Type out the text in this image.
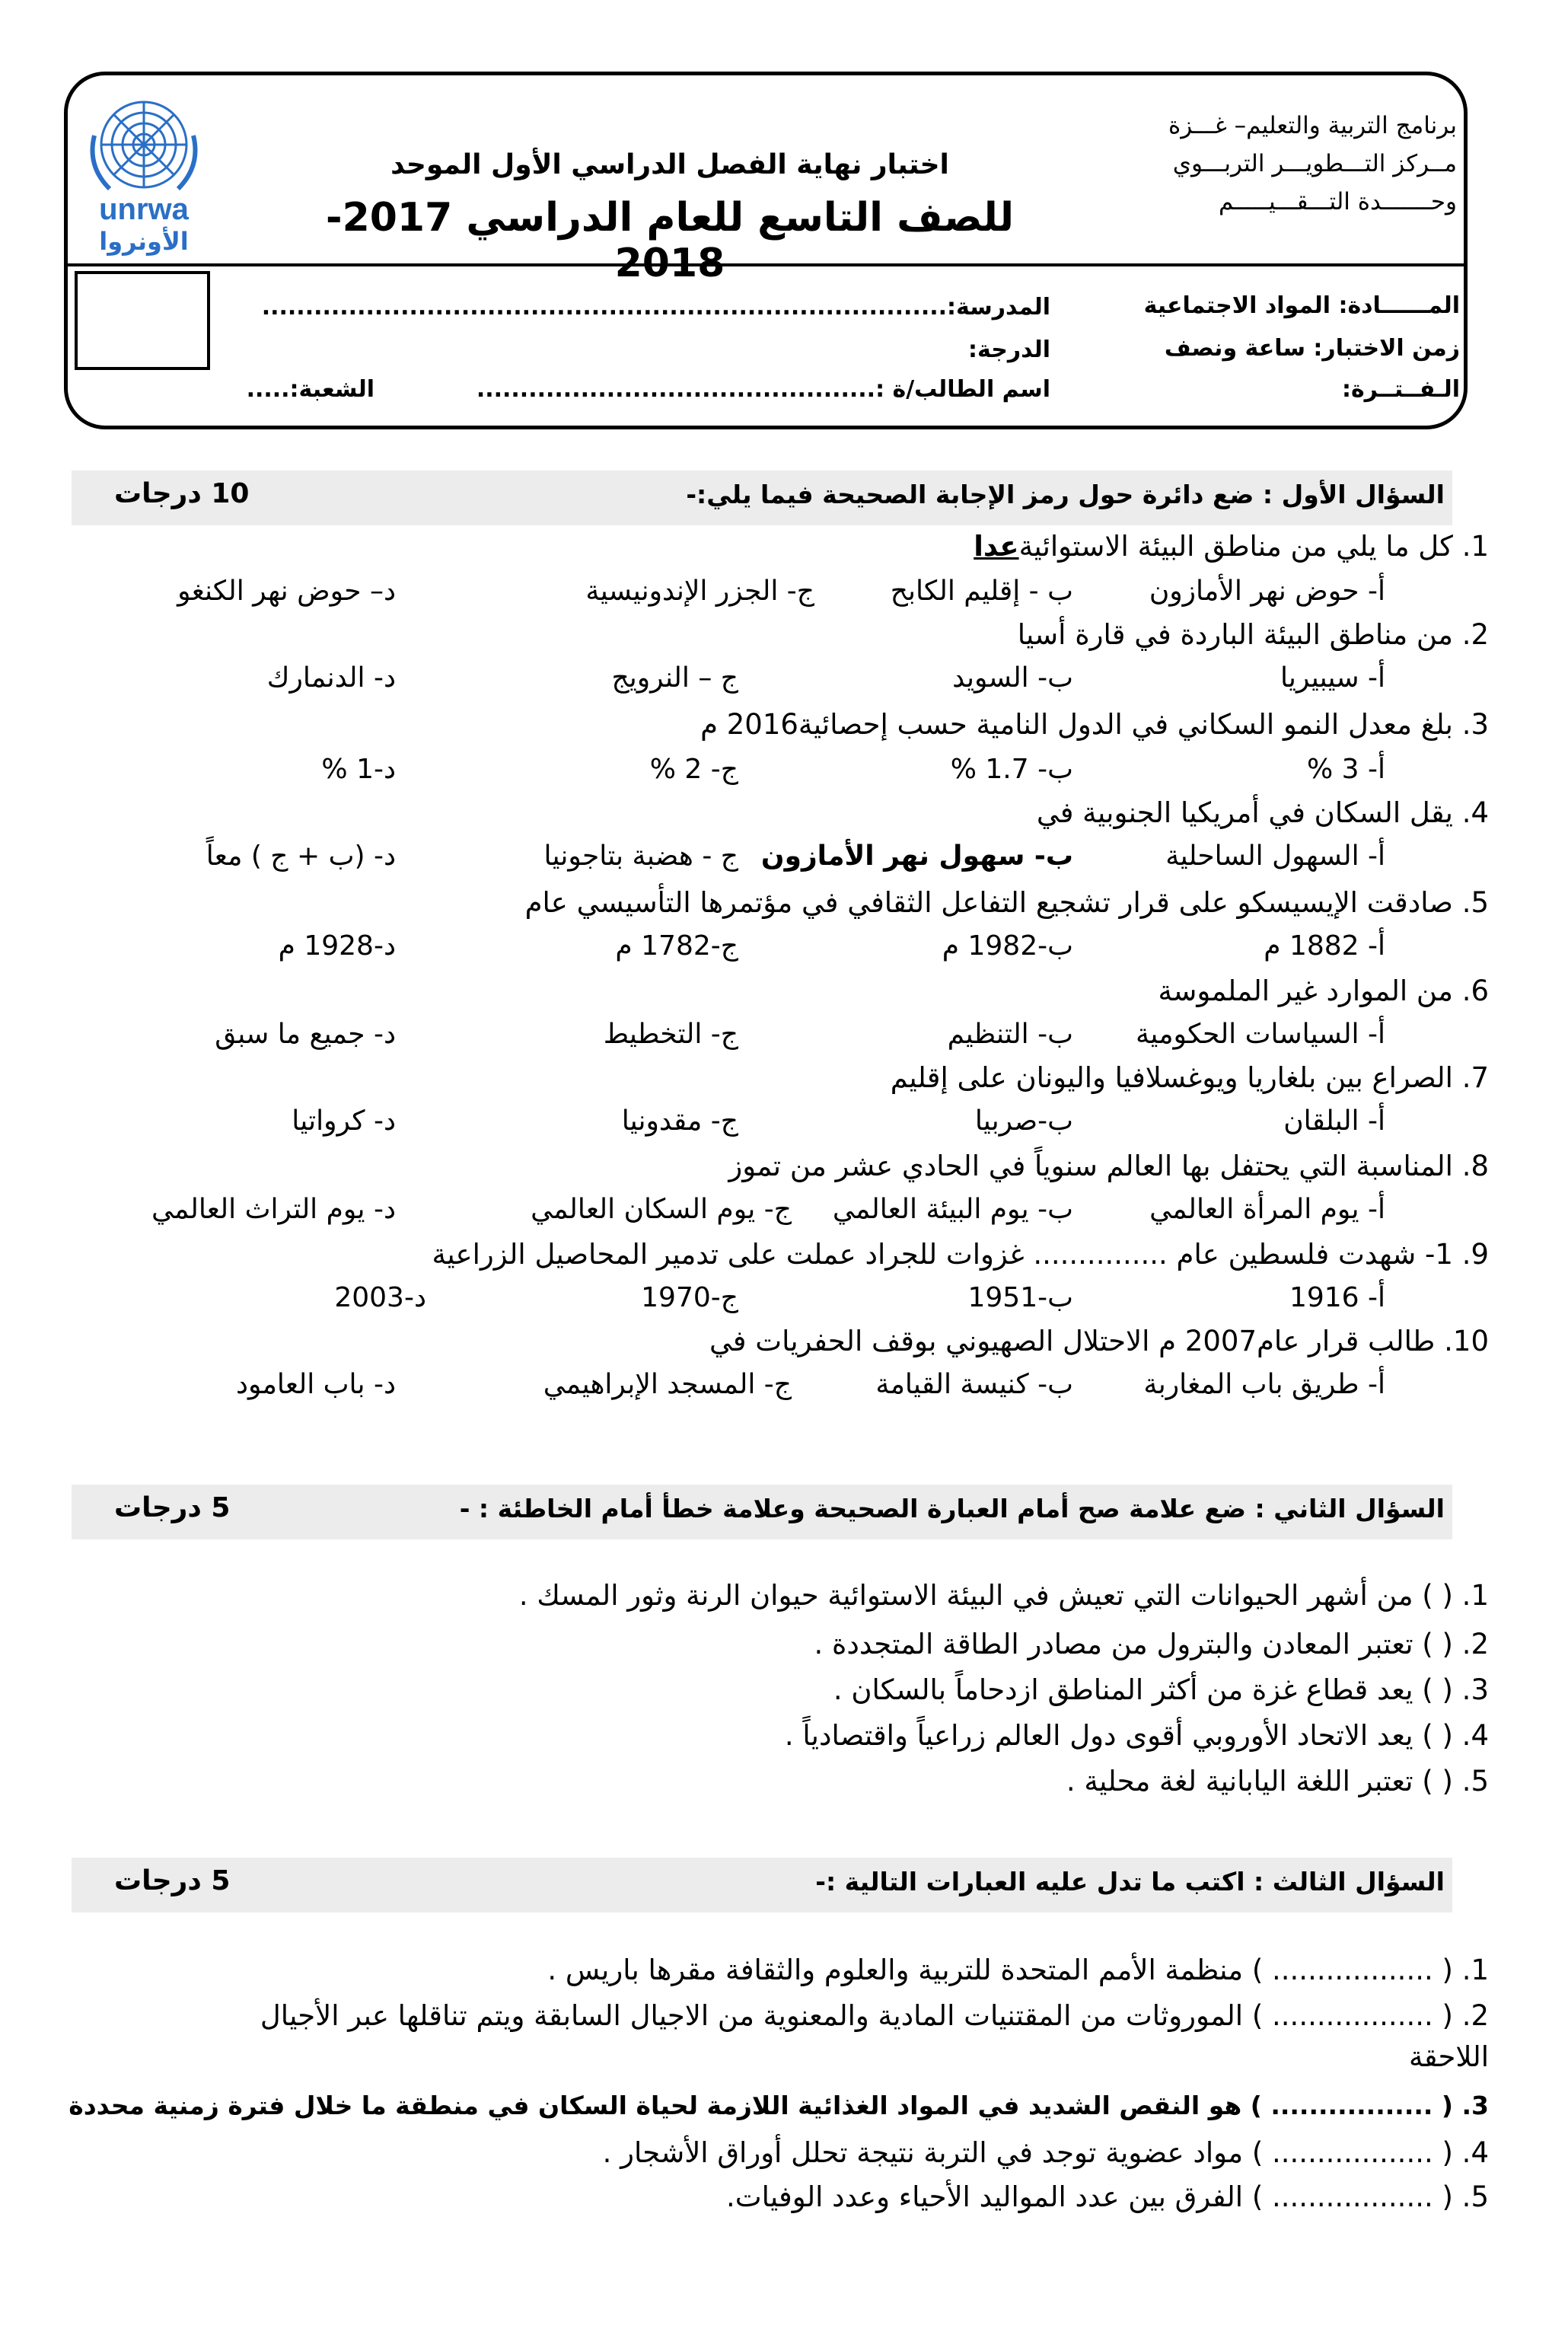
unrwa
الأونروا
برنامج التربية والتعليم– غـــزة
مــركز التـــطويـــر التربـــوي
وحـــــــدة التـــقـــيـــــم
اختبار نهاية الفصل الدراسي الأول الموحد
للصف التاسع للعام الدراسي 2017-2018
المــــــادة: المواد الاجتماعية
زمن الاختبار: ساعة ونصف
الـفــتــرة:
المدرسة:...............................................................................
الدرجة:
اسم الطالب/ة :..............................................
الشعبة:.....
السؤال الأول : ضع دائرة حول رمز الإجابة الصحيحة فيما يلي:-
10 درجات
1. كل ما يلي من مناطق البيئة الاستوائيةعدا
أ- حوض نهر الأمازون
ب - إقليم الكابح
ج- الجزر الإندونيسية
د– حوض نهر الكنغو
2. من مناطق البيئة الباردة في قارة أسيا
أ- سيبيريا
ب- السويد
ج – النرويج
د- الدنمارك
3. بلغ معدل النمو السكاني في الدول النامية حسب إحصائية2016 م
أ- 3 %
ب- 1.7 %
ج- 2 %
د-1 %
4. يقل السكان في أمريكيا الجنوبية في
أ- السهول الساحلية
ب- سهول نهر الأمازون
ج - هضبة بتاجونيا
د- (ب + ج ) معاً
5. صادقت الإيسيسكو على قرار تشجيع التفاعل الثقافي في مؤتمرها التأسيسي عام
أ- 1882 م
ب-1982 م
ج-1782 م
د-1928 م
6. من الموارد غير الملموسة
أ- السياسات الحكومية
ب- التنظيم
ج- التخطيط
د- جميع ما سبق
7. الصراع بين بلغاريا ويوغسلافيا واليونان على إقليم
أ- البلقان
ب-صربيا
ج- مقدونيا
د- كرواتيا
8. المناسبة التي يحتفل بها العالم سنوياً في الحادي عشر من تموز
أ- يوم المرأة العالمي
ب- يوم البيئة العالمي
ج- يوم السكان العالمي
د- يوم التراث العالمي
9. 1- شهدت فلسطين عام ............... غزوات للجراد عملت على تدمير المحاصيل الزراعية
أ- 1916
ب-1951
ج-1970
د-2003
10. طالب قرار عام2007 م الاحتلال الصهيوني بوقف الحفريات في
أ- طريق باب المغاربة
ب- كنيسة القيامة
ج- المسجد الإبراهيمي
د- باب العامود
السؤال الثاني : ضع علامة صح أمام العبارة الصحيحة وعلامة خطأ أمام الخاطئة : -
5 درجات
1. ( ) من أشهر الحيوانات التي تعيش في البيئة الاستوائية حيوان الرنة وثور المسك .
2. ( ) تعتبر المعادن والبترول من مصادر الطاقة المتجددة .
3. ( ) يعد قطاع غزة من أكثر المناطق ازدحاماً بالسكان .
4. ( ) يعد الاتحاد الأوروبي أقوى دول العالم زراعياً واقتصادياً .
5. ( ) تعتبر اللغة اليابانية لغة محلية .
السؤال الثالث : اكتب ما تدل عليه العبارات التالية :-
5 درجات
1. ( .................. ) منظمة الأمم المتحدة للتربية والعلوم والثقافة مقرها باريس .
2. ( .................. ) الموروثات من المقتنيات المادية والمعنوية من الاجيال السابقة ويتم تناقلها عبر الأجيال
اللاحقة
3. ( ................. ) هو النقص الشديد في المواد الغذائية اللازمة لحياة السكان في منطقة ما خلال فترة زمنية محددة
4. ( .................. ) مواد عضوية توجد في التربة نتيجة تحلل أوراق الأشجار .
5. ( .................. ) الفرق بين عدد المواليد الأحياء وعدد الوفيات.
